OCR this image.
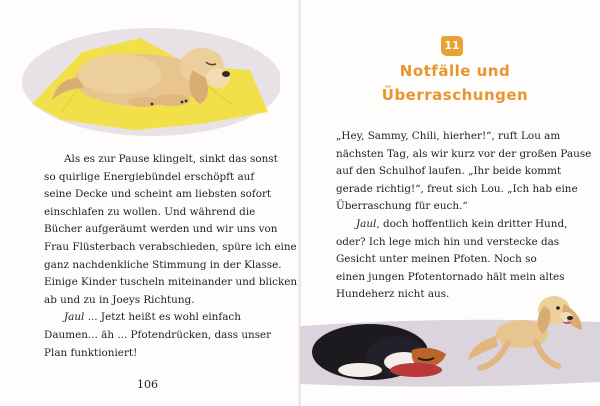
Als es zur Pause klingelt, sinkt das sonst

so quirlige Energiebündel erschöpft auf

seine Decke und scheint am liebsten sofort

einschlafen zu wollen. Und während die

Bücher aufgeräumt werden und wir uns von

Frau Flüsterbach verabschieden, spüre ich eine

ganz nachdenkliche Stimmung in der Klasse.

Einige Kinder tuscheln miteinander und blicken

ab und zu in Joeys Richtung.

Jaul ... Jetzt heißt es wohl einfach

Daumen... äh ... Pfotendrücken, dass unser

Plan funktioniert!

106
11
Notfälle und
Überraschungen

„Hey, Sammy, Chili, hierher!“, ruft Lou am

nächsten Tag, als wir kurz vor der großen Pause

auf den Schulhof laufen. „Ihr beide kommt

gerade richtig!“, freut sich Lou. „Ich hab eine

Überraschung für euch.“

Jaul, doch hoffentlich kein dritter Hund,

oder? Ich lege mich hin und verstecke das

Gesicht unter meinen Pfoten. Noch so

einen jungen Pfotentornado hält mein altes

Hundeherz nicht aus.
